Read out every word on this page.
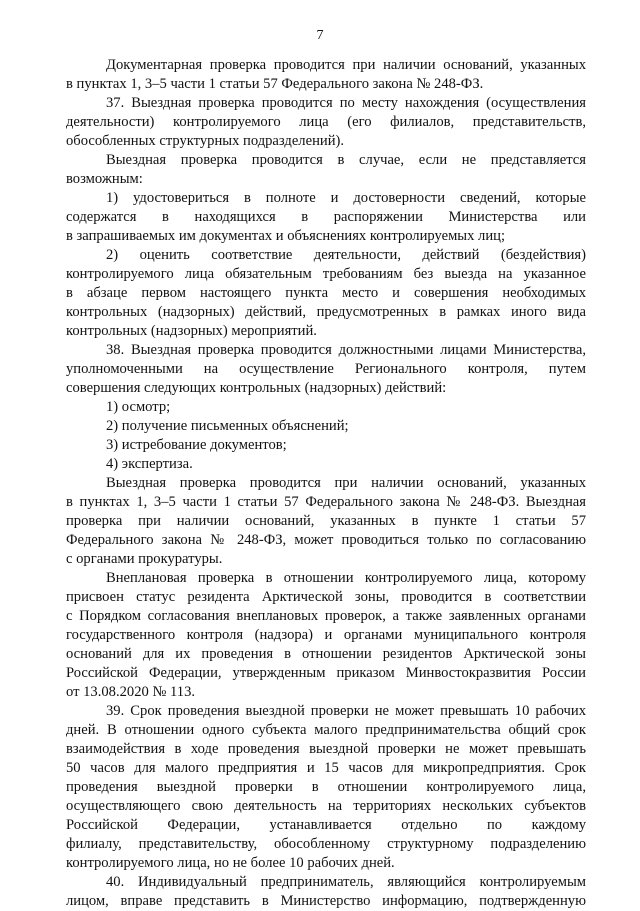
7
Документарная проверка проводится при наличии оснований, указанных
в пунктах 1, 3–5 части 1 статьи 57 Федерального закона № 248-ФЗ.
37. Выездная проверка проводится по месту нахождения (осуществления
деятельности) контролируемого лица (его филиалов, представительств,
обособленных структурных подразделений).
Выездная проверка проводится в случае, если не представляется
возможным:
1) удостовериться в полноте и достоверности сведений, которые
содержатся в находящихся в распоряжении Министерства или
в запрашиваемых им документах и объяснениях контролируемых лиц;
2) оценить соответствие деятельности, действий (бездействия)
контролируемого лица обязательным требованиям без выезда на указанное
в абзаце первом настоящего пункта место и совершения необходимых
контрольных (надзорных) действий, предусмотренных в рамках иного вида
контрольных (надзорных) мероприятий.
38. Выездная проверка проводится должностными лицами Министерства,
уполномоченными на осуществление Регионального контроля, путем
совершения следующих контрольных (надзорных) действий:
1) осмотр;
2) получение письменных объяснений;
3) истребование документов;
4) экспертиза.
Выездная проверка проводится при наличии оснований, указанных
в пунктах 1, 3–5 части 1 статьи 57 Федерального закона № 248-ФЗ. Выездная
проверка при наличии оснований, указанных в пункте 1 статьи 57
Федерального закона № 248-ФЗ, может проводиться только по согласованию
с органами прокуратуры.
Внеплановая проверка в отношении контролируемого лица, которому
присвоен статус резидента Арктической зоны, проводится в соответствии
с Порядком согласования внеплановых проверок, а также заявленных органами
государственного контроля (надзора) и органами муниципального контроля
оснований для их проведения в отношении резидентов Арктической зоны
Российской Федерации, утвержденным приказом Минвостокразвития России
от 13.08.2020 № 113.
39. Срок проведения выездной проверки не может превышать 10 рабочих
дней. В отношении одного субъекта малого предпринимательства общий срок
взаимодействия в ходе проведения выездной проверки не может превышать
50 часов для малого предприятия и 15 часов для микропредприятия. Срок
проведения выездной проверки в отношении контролируемого лица,
осуществляющего свою деятельность на территориях нескольких субъектов
Российской Федерации, устанавливается отдельно по каждому
филиалу, представительству, обособленному структурному подразделению
контролируемого лица, но не более 10 рабочих дней.
40. Индивидуальный предприниматель, являющийся контролируемым
лицом, вправе представить в Министерство информацию, подтвержденную
